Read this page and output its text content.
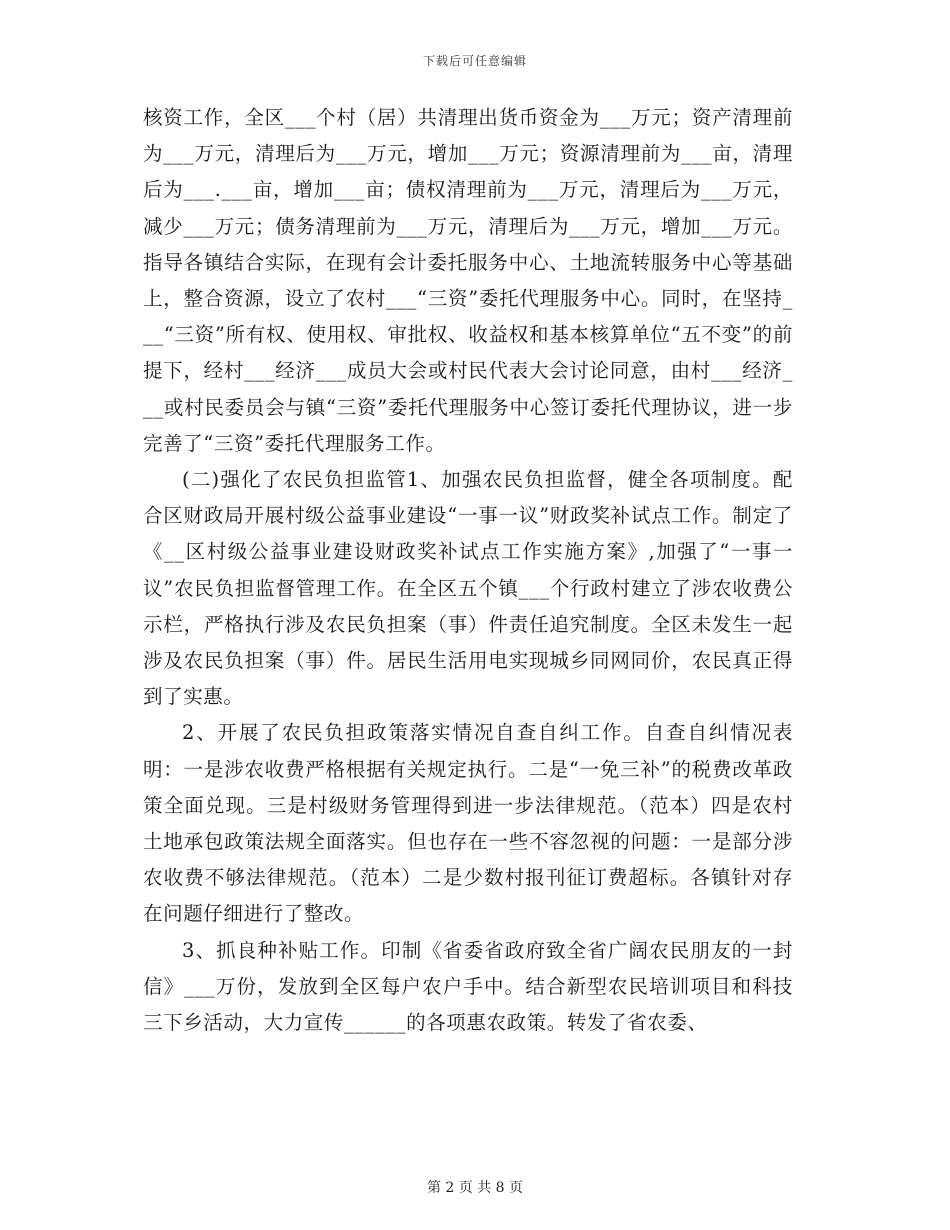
下载后可任意编辑

核资工作，全区___个村（居）共清理出货币资金为___万元；资产清理前为___万元，清理后为___万元，增加___万元；资源清理前为___亩，清理后为___.___亩，增加___亩；债权清理前为___万元，清理后为___万元，减少___万元；债务清理前为___万元，清理后为___万元，增加___万元。指导各镇结合实际，在现有会计委托服务中心、土地流转服务中心等基础上，整合资源，设立了农村___“三资”委托代理服务中心。同时，在坚持___“三资”所有权、使用权、审批权、收益权和基本核算单位“五不变”的前提下，经村___经济___成员大会或村民代表大会讨论同意，由村___经济___或村民委员会与镇“三资”委托代理服务中心签订委托代理协议，进一步完善了“三资”委托代理服务工作。

(二)强化了农民负担监管1、加强农民负担监督，健全各项制度。配合区财政局开展村级公益事业建设“一事一议”财政奖补试点工作。制定了《__区村级公益事业建设财政奖补试点工作实施方案》,加强了“一事一议”农民负担监督管理工作。在全区五个镇___个行政村建立了涉农收费公示栏，严格执行涉及农民负担案（事）件责任追究制度。全区未发生一起涉及农民负担案（事）件。居民生活用电实现城乡同网同价，农民真正得到了实惠。

2、开展了农民负担政策落实情况自查自纠工作。自查自纠情况表明：一是涉农收费严格根据有关规定执行。二是“一免三补”的税费改革政策全面兑现。三是村级财务管理得到进一步法律规范。（范本）四是农村土地承包政策法规全面落实。但也存在一些不容忽视的问题：一是部分涉农收费不够法律规范。（范本）二是少数村报刊征订费超标。各镇针对存在问题仔细进行了整改。

3、抓良种补贴工作。印制《省委省政府致全省广阔农民朋友的一封信》___万份，发放到全区每户农户手中。结合新型农民培训项目和科技三下乡活动，大力宣传______的各项惠农政策。转发了省农委、

第 2 页 共 8 页
